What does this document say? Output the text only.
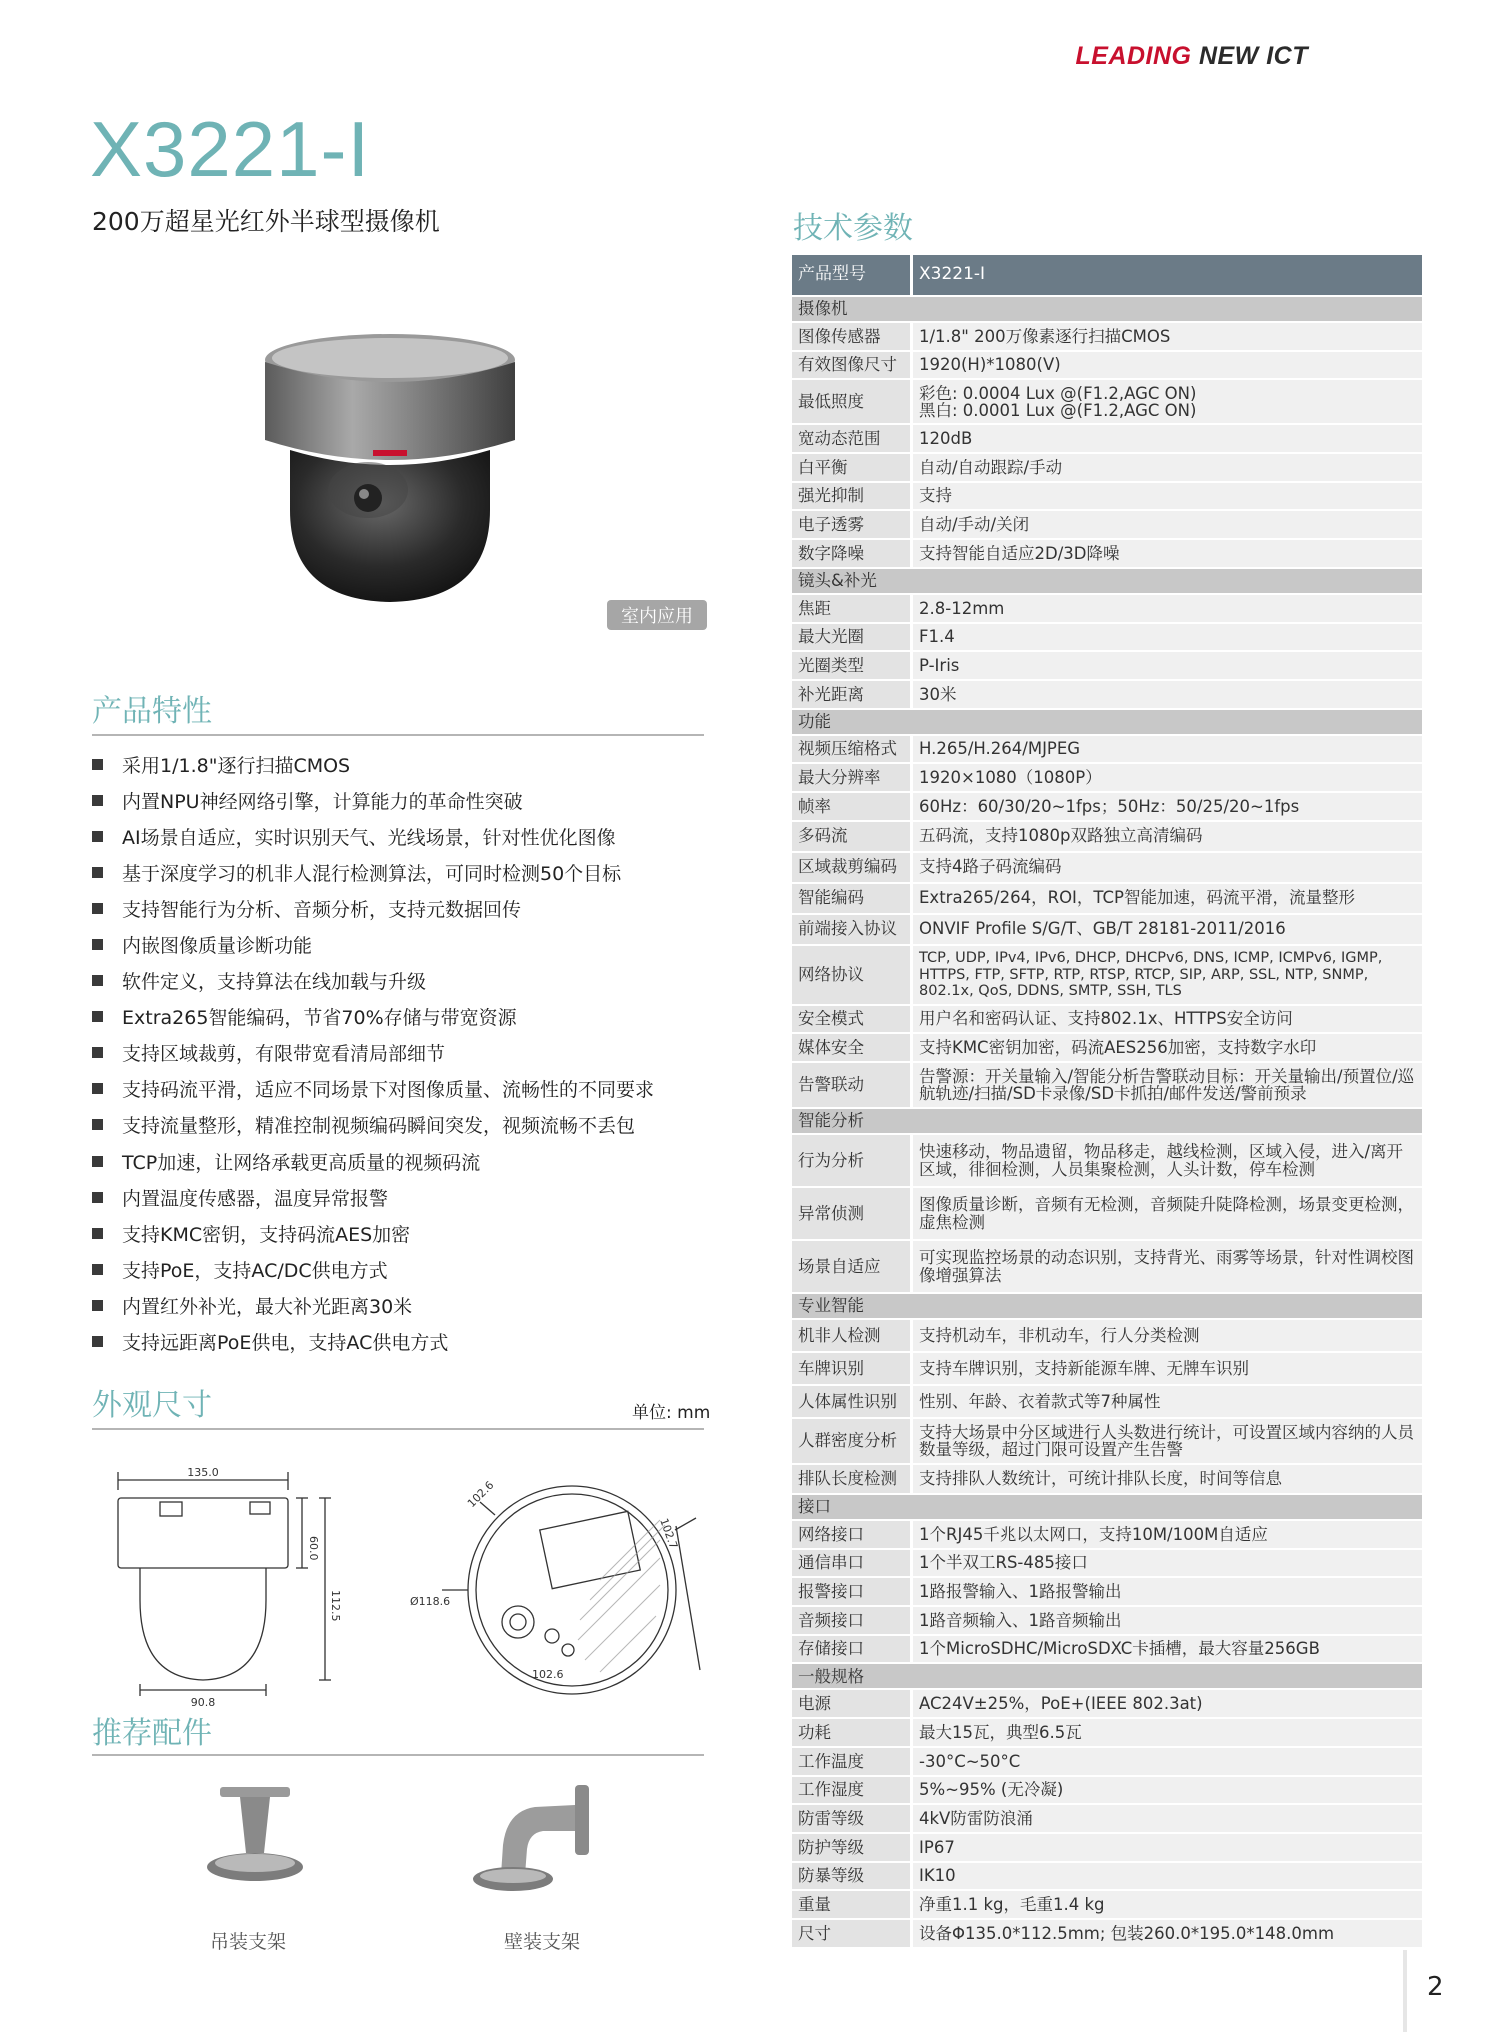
LEADING NEW ICT
X3221-I
200万超星光红外半球型摄像机
室内应用
产品特性
采用1/1.8"逐行扫描CMOS
内置NPU神经网络引擎，计算能力的革命性突破
AI场景自适应，实时识别天气、光线场景，针对性优化图像
基于深度学习的机非人混行检测算法，可同时检测50个目标
支持智能行为分析、音频分析，支持元数据回传
内嵌图像质量诊断功能
软件定义，支持算法在线加载与升级
Extra265智能编码，节省70%存储与带宽资源
支持区域裁剪，有限带宽看清局部细节
支持码流平滑，适应不同场景下对图像质量、流畅性的不同要求
支持流量整形，精准控制视频编码瞬间突发，视频流畅不丢包
TCP加速，让网络承载更高质量的视频码流
内置温度传感器，温度异常报警
支持KMC密钥，支持码流AES加密
支持PoE，支持AC/DC供电方式
内置红外补光，最大补光距离30米
支持远距离PoE供电，支持AC供电方式
外观尺寸	单位: mm
135.0
60.0
112.5
90.8
Ø118.6
102.6
102.6
102.7
推荐配件
吊装支架	壁装支架
技术参数
产品型号	X3221-I
摄像机	
图像传感器	1/1.8" 200万像素逐行扫描CMOS
有效图像尺寸	1920(H)*1080(V)
最低照度	彩色: 0.0004 Lux @(F1.2,AGC ON)
黑白: 0.0001 Lux @(F1.2,AGC ON)

宽动态范围	120dB
白平衡	自动/自动跟踪/手动
强光抑制	支持
电子透雾	自动/手动/关闭
数字降噪	支持智能自适应2D/3D降噪
镜头&补光	
焦距	2.8-12mm
最大光圈	F1.4
光圈类型	P-Iris
补光距离	30米
功能	
视频压缩格式	H.265/H.264/MJPEG
最大分辨率	1920×1080（1080P）
帧率	60Hz：60/30/20~1fps；50Hz：50/25/20~1fps
多码流	五码流，支持1080p双路独立高清编码
区域裁剪编码	支持4路子码流编码
智能编码	Extra265/264，ROI，TCP智能加速，码流平滑，流量整形
前端接入协议	ONVIF Profile S/G/T、GB/T 28181-2011/2016
网络协议	TCP, UDP, IPv4, IPv6, DHCP, DHCPv6, DNS, ICMP, ICMPv6, IGMP, HTTPS, FTP, SFTP, RTP, RTSP, RTCP, SIP, ARP, SSL, NTP, SNMP, 802.1x, QoS, DDNS, SMTP, SSH, TLS
安全模式	用户名和密码认证、支持802.1x、HTTPS安全访问
媒体安全	支持KMC密钥加密，码流AES256加密，支持数字水印
告警联动	告警源：开关量输入/智能分析告警联动目标：开关量输出/预置位/巡航轨迹/扫描/SD卡录像/SD卡抓拍/邮件发送/警前预录
智能分析	
行为分析	快速移动，物品遗留，物品移走，越线检测，区域入侵，进入/离开区域，徘徊检测，人员集聚检测，人头计数，停车检测
异常侦测	图像质量诊断，音频有无检测，音频陡升陡降检测，场景变更检测，虚焦检测
场景自适应	可实现监控场景的动态识别，支持背光、雨雾等场景，针对性调校图像增强算法
专业智能	
机非人检测	支持机动车，非机动车，行人分类检测
车牌识别	支持车牌识别，支持新能源车牌、无牌车识别
人体属性识别	性别、年龄、衣着款式等7种属性
人群密度分析	支持大场景中分区域进行人头数进行统计，可设置区域内容纳的人员数量等级，超过门限可设置产生告警
排队长度检测	支持排队人数统计，可统计排队长度，时间等信息
接口	
网络接口	1个RJ45千兆以太网口，支持10M/100M自适应
通信串口	1个半双工RS-485接口
报警接口	1路报警输入、1路报警输出
音频接口	1路音频输入、1路音频输出
存储接口	1个MicroSDHC/MicroSDXC卡插槽，最大容量256GB
一般规格	
电源	AC24V±25%，PoE+(IEEE 802.3at)
功耗	最大15瓦，典型6.5瓦
工作温度	-30°C~50°C
工作湿度	5%~95% (无冷凝)
防雷等级	4kV防雷防浪涌
防护等级	IP67
防暴等级	IK10
重量	净重1.1 kg，毛重1.4 kg
尺寸	设备Φ135.0*112.5mm; 包装260.0*195.0*148.0mm
2
